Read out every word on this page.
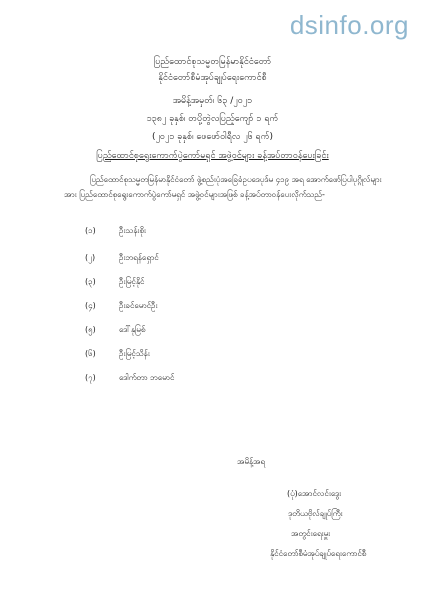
dsinfo.org
ပြည်ထောင်စုသမ္မတမြန်မာနိုင်ငံတော်
နိုင်ငံတော်စီမံအုပ်ချုပ်ရေးကောင်စီ
အမိန့်အမှတ်၊ ၆၃ /၂၀၂၁
၁၃၈၂ ခုနှစ်၊ တပို့တွဲလပြည့်ကျော် ၁ ရက်
(၂၀၂၁ ခုနှစ်၊ ဖေဖော်ဝါရီလ ၂၆ ရက်)
ပြည်ထောင်စုရွေးကောက်ပွဲကော်မရှင် အဖွဲ့ဝင်များ ခန့်အပ်တာဝန်ပေးခြင်း
ပြည်ထောင်စုသမ္မတမြန်မာနိုင်ငံတော် ဖွဲ့စည်းပုံအခြေခံဥပဒေပုဒ်မ ၄၁၉ အရ အောက်ဖော်ပြပါပုဂ္ဂိုလ်များအား ပြည်ထောင်စုရွေးကောက်ပွဲကော်မရှင် အဖွဲ့ဝင်များအဖြစ် ခန့်အပ်တာဝန်ပေးလိုက်သည်-
(၁)	ဦးသန်းစိုး
(၂)	ဦးဘရန်ရှောင်
(၃)	ဦးမြင့်နိုင်
(၄)	ဦးခင်မောင်ဦး
(၅)	ဒေါ်နုမြစ်
(၆)	ဦးမြင့်သိန်း
(၇)	ဒေါက်တာ ဘမောင်
အမိန့်အရ
(ပုံ)အောင်လင်းဒွေး
ဒုတိယဗိုလ်ချုပ်ကြီး
အတွင်းရေးမှူး
နိုင်ငံတော်စီမံအုပ်ချုပ်ရေးကောင်စီ
